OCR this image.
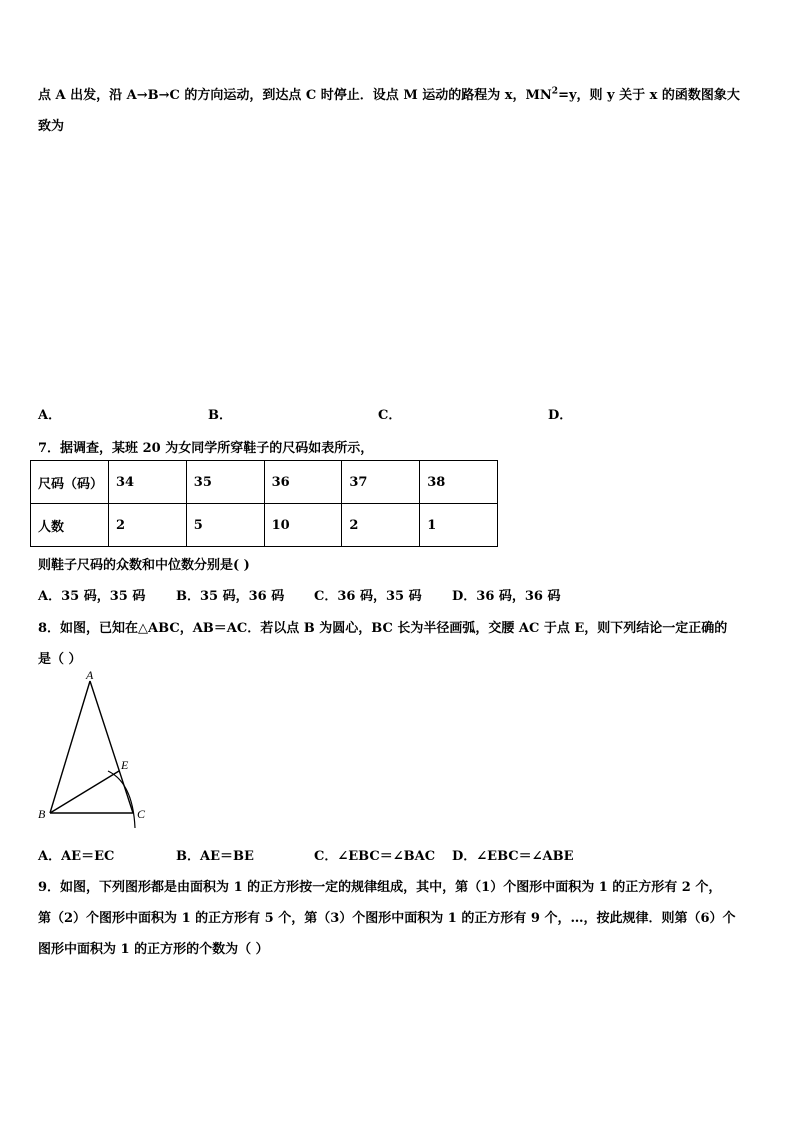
点 A 出发，沿 A→B→C 的方向运动，到达点 C 时停止．设点 M 运动的路程为 x，$MN^2=y$，则 y 关于 x 的函数图象大
致为
A．	B．	C．	D．
7．据调查，某班 20 为女同学所穿鞋子的尺码如表所示，
尺码（码）	34	35	36	37	38
人数	2	5	10	2	1
则鞋子尺码的众数和中位数分别是( )
A．35 码，35 码 B．35 码，36 码 C．36 码，35 码 D．36 码，36 码
8．如图，已知在△ABC，AB＝AC．若以点 B 为圆心，BC 长为半径画弧，交腰 AC 于点 E，则下列结论一定正确的
是（ ）
A
E
B	C
A．AE＝EC	B．AE＝BE	C．∠EBC＝∠BAC D．∠EBC＝∠ABE
9．如图，下列图形都是由面积为 1 的正方形按一定的规律组成，其中，第（1）个图形中面积为 1 的正方形有 2 个，
第（2）个图形中面积为 1 的正方形有 5 个，第（3）个图形中面积为 1 的正方形有 9 个，…，按此规律．则第（6）个
图形中面积为 1 的正方形的个数为（ ）
